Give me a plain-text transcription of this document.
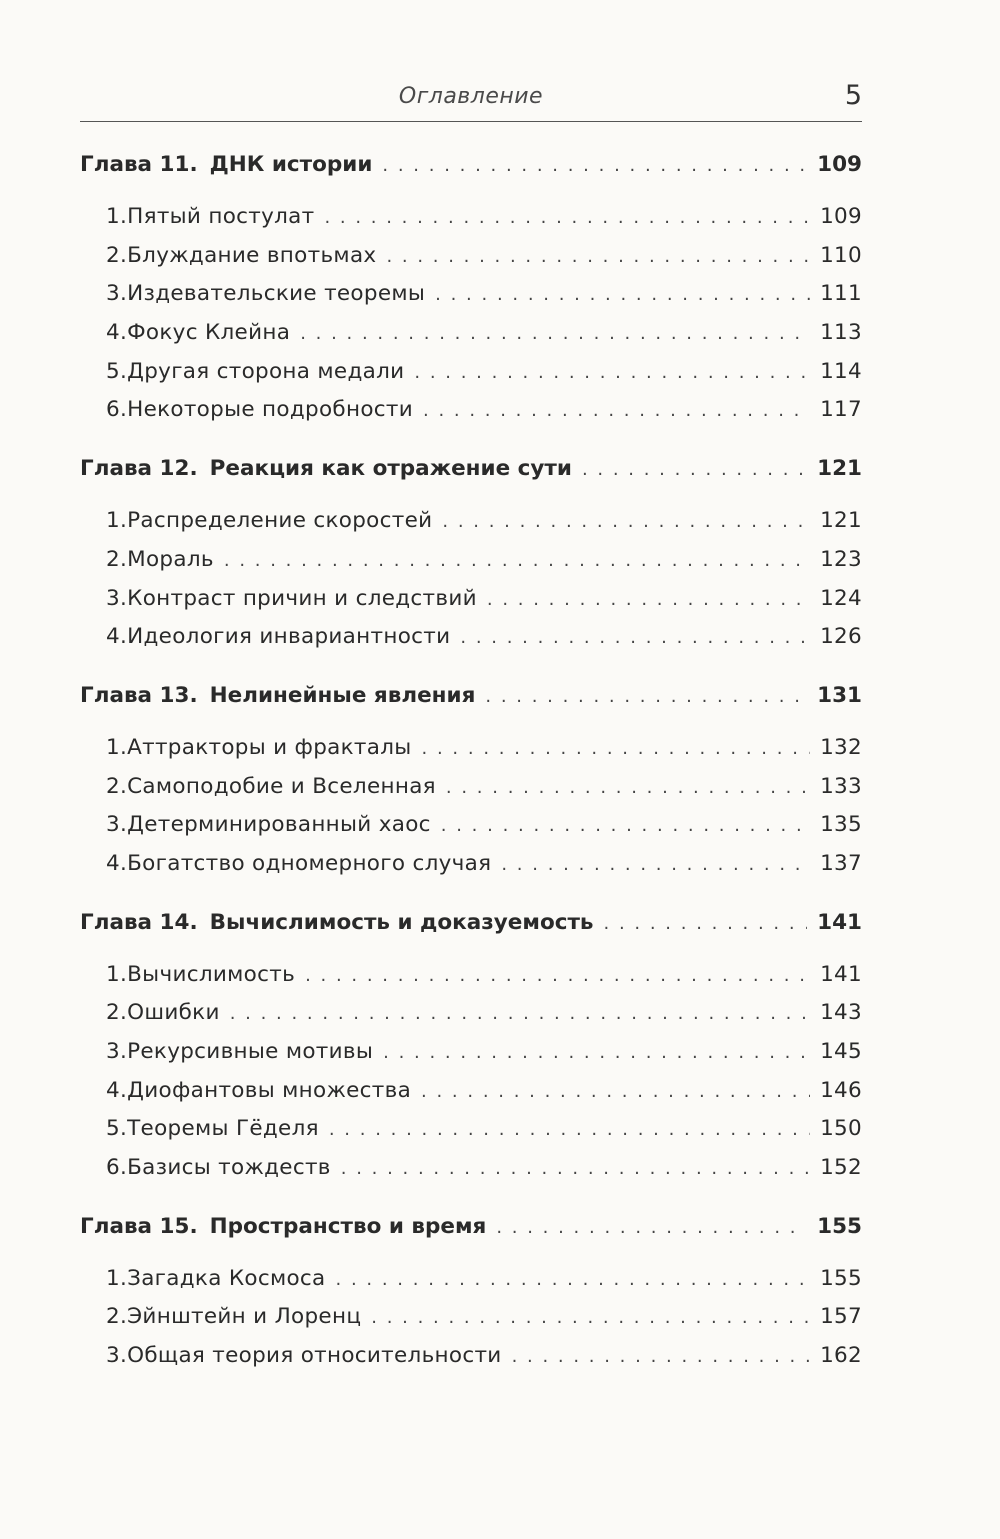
Оглавление	5
Глава 11. ДНК истории . . .	109
1. Пятый постулат . . .	109
2. Блуждание впотьмах . . .	110
3. Издевательские теоремы . . .	111
4. Фокус Клейна . . .	113
5. Другая сторона медали . . .	114
6. Некоторые подробности . . .	117
Глава 12. Реакция как отражение сути . . .	121
1. Распределение скоростей . . .	121
2. Мораль . . .	123
3. Контраст причин и следствий . . .	124
4. Идеология инвариантности . . .	126
Глава 13. Нелинейные явления . . .	131
1. Аттракторы и фракталы . . .	132
2. Самоподобие и Вселенная . . .	133
3. Детерминированный хаос . . .	135
4. Богатство одномерного случая . . .	137
Глава 14. Вычислимость и доказуемость . . .	141
1. Вычислимость . . .	141
2. Ошибки . . .	143
3. Рекурсивные мотивы . . .	145
4. Диофантовы множества . . .	146
5. Теоремы Гёделя . . .	150
6. Базисы тождеств . . .	152
Глава 15. Пространство и время . . .	155
1. Загадка Космоса . . .	155
2. Эйнштейн и Лоренц . . .	157
3. Общая теория относительности . . .	162
